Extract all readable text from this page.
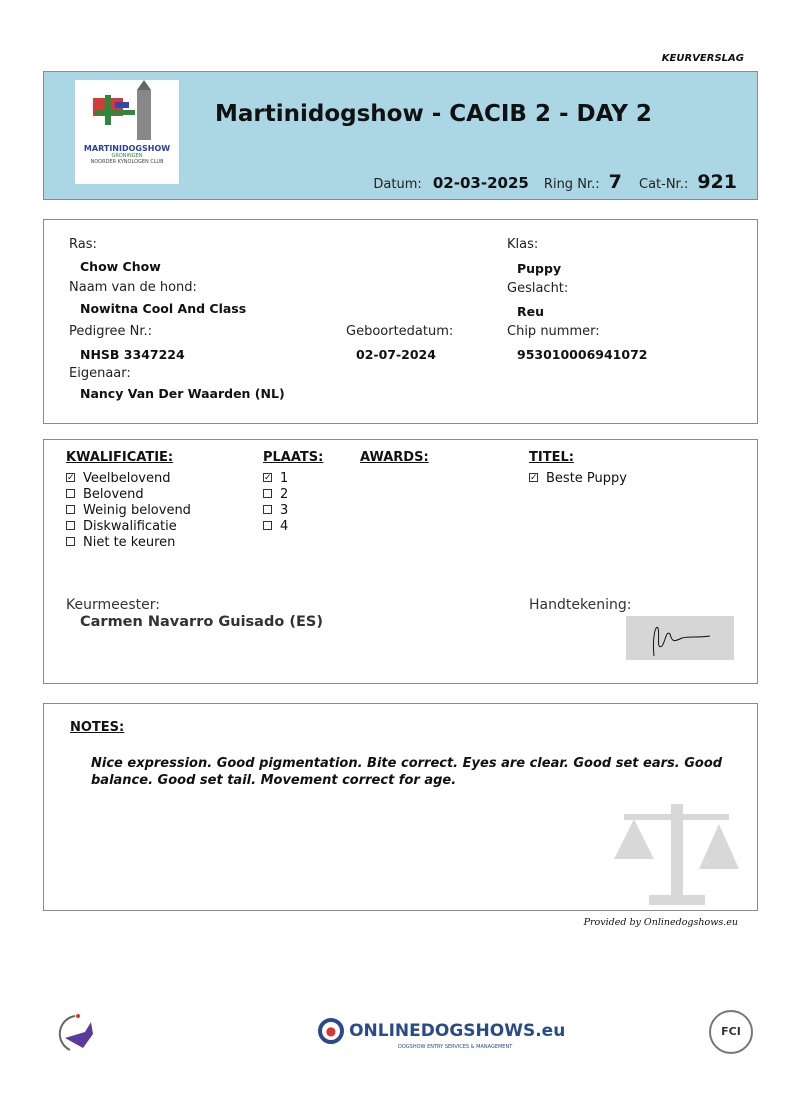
KEURVERSLAG
MARTINIDOGSHOW
GRONINGEN
NOORDER KYNOLOGEN CLUB
Martinidogshow - CACIB 2 - DAY 2
Datum: 02-03-2025 Ring Nr.: 7 Cat-Nr.: 921
Ras:
Chow Chow
Naam van de hond:
Nowitna Cool And Class
Pedigree Nr.:
NHSB 3347224
Eigenaar:
Nancy Van Der Waarden (NL)
Geboortedatum:
02-07-2024
Klas:
Puppy
Geslacht:
Reu
Chip nummer:
953010006941072
KWALIFICATIE:
✓Veelbelovend
Belovend
Weinig belovend
Diskwalificatie
Niet te keuren
PLAATS:
✓1
2
3
4
AWARDS:	TITEL:
✓Beste Puppy
Keurmeester:
Carmen Navarro Guisado (ES)
Handtekening:
NOTES:
Nice expression. Good pigmentation. Bite correct. Eyes are clear. Good set ears. Good balance. Good set tail. Movement correct for age.
Provided by Onlinedogshows.eu
● ONLINEDOGSHOWS.eu
DOGSHOW ENTRY SERVICES & MANAGEMENT
FCI
